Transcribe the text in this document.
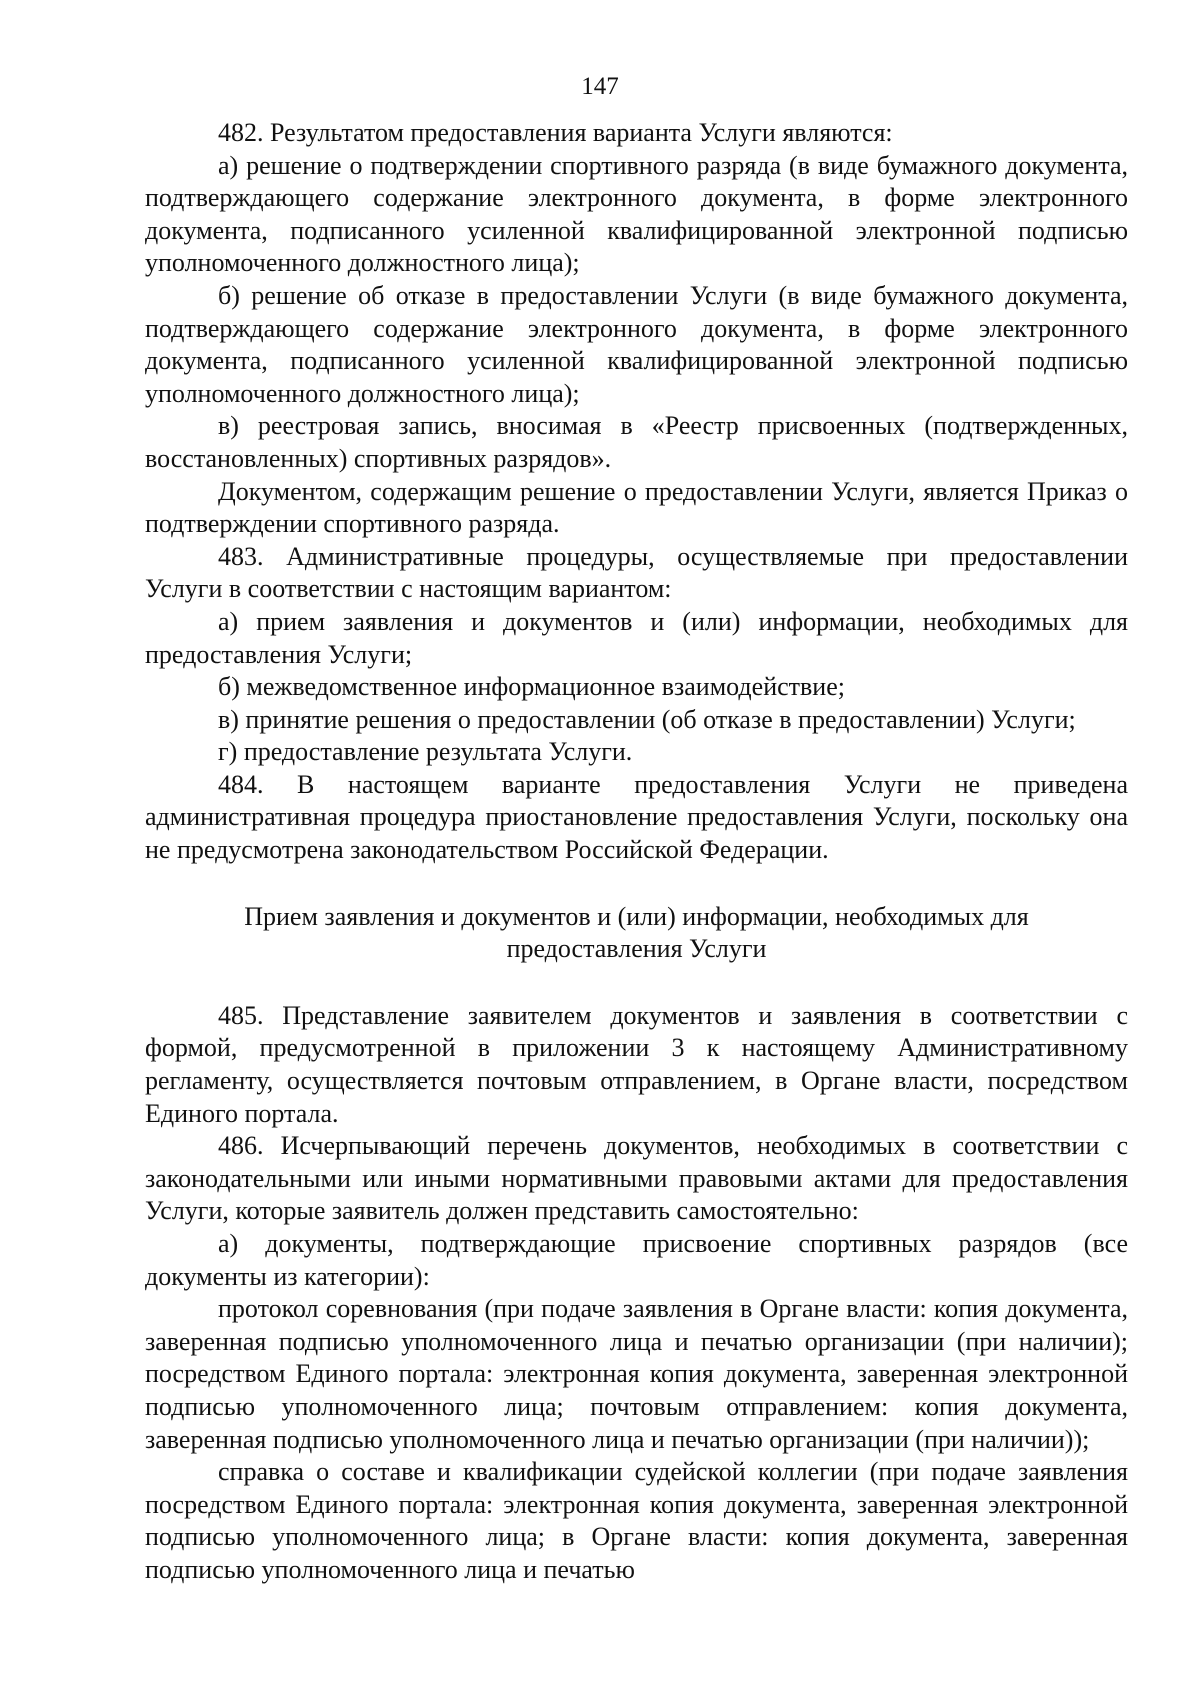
147

482. Результатом предоставления варианта Услуги являются:

а) решение о подтверждении спортивного разряда (в виде бумажного документа, подтверждающего содержание электронного документа, в форме электронного документа, подписанного усиленной квалифицированной электронной подписью уполномоченного должностного лица);

б) решение об отказе в предоставлении Услуги (в виде бумажного документа, подтверждающего содержание электронного документа, в форме электронного документа, подписанного усиленной квалифицированной электронной подписью уполномоченного должностного лица);

в) реестровая запись, вносимая в «Реестр присвоенных (подтвержденных, восстановленных) спортивных разрядов».

Документом, содержащим решение о предоставлении Услуги, является Приказ о подтверждении спортивного разряда.

483. Административные процедуры, осуществляемые при предоставлении Услуги в соответствии с настоящим вариантом:

а) прием заявления и документов и (или) информации, необходимых для предоставления Услуги;

б) межведомственное информационное взаимодействие;

в) принятие решения о предоставлении (об отказе в предоставлении) Услуги;

г) предоставление результата Услуги.

484. В настоящем варианте предоставления Услуги не приведена административная процедура приостановление предоставления Услуги, поскольку она не предусмотрена законодательством Российской Федерации.

Прием заявления и документов и (или) информации, необходимых для
предоставления Услуги

485. Представление заявителем документов и заявления в соответствии с формой, предусмотренной в приложении 3 к настоящему Административному регламенту, осуществляется почтовым отправлением, в Органе власти, посредством Единого портала.

486. Исчерпывающий перечень документов, необходимых в соответствии с законодательными или иными нормативными правовыми актами для предоставления Услуги, которые заявитель должен представить самостоятельно:

а) документы, подтверждающие присвоение спортивных разрядов (все документы из категории):

протокол соревнования (при подаче заявления в Органе власти: копия документа, заверенная подписью уполномоченного лица и печатью организации (при наличии); посредством Единого портала: электронная копия документа, заверенная электронной подписью уполномоченного лица; почтовым отправлением: копия документа, заверенная подписью уполномоченного лица и печатью организации (при наличии));

справка о составе и квалификации судейской коллегии (при подаче заявления посредством Единого портала: электронная копия документа, заверенная электронной подписью уполномоченного лица; в Органе власти: копия документа, заверенная подписью уполномоченного лица и печатью
